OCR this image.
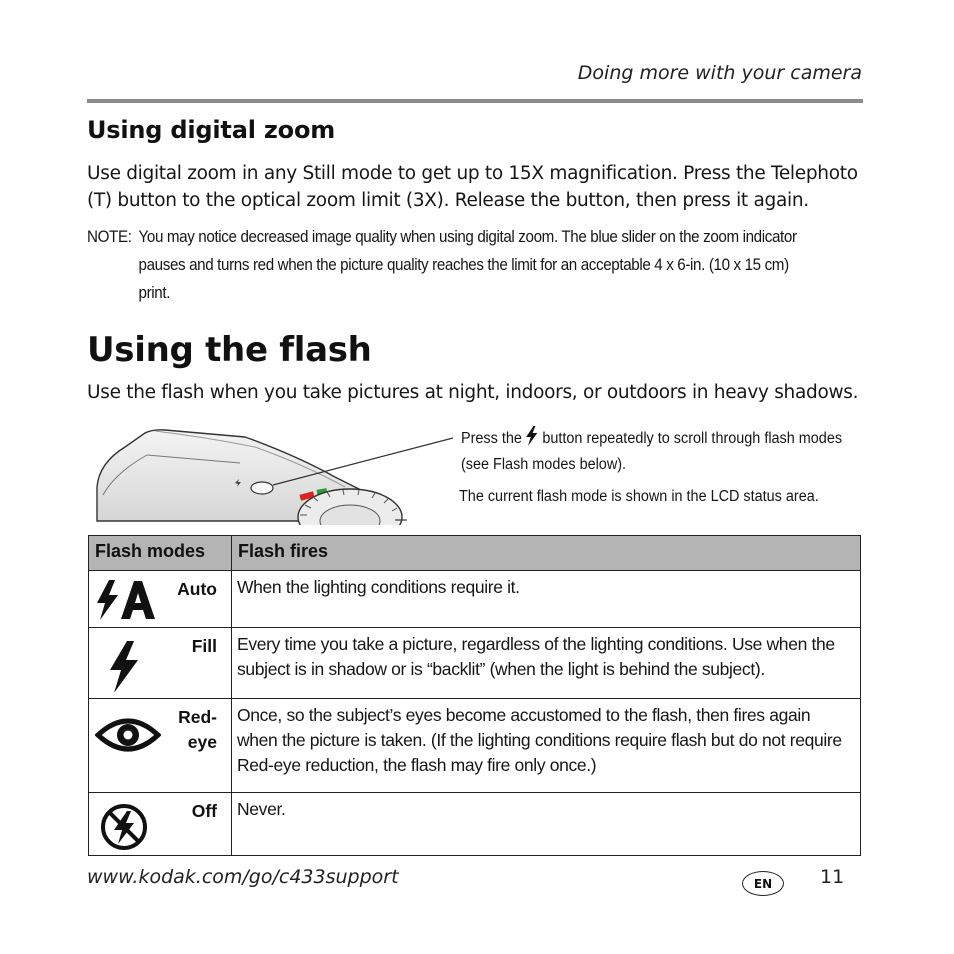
Doing more with your camera
Using digital zoom
Use digital zoom in any Still mode to get up to 15X magnification. Press the Telephoto (T) button to the optical zoom limit (3X). Release the button, then press it again.
NOTE: You may notice decreased image quality when using digital zoom. The blue slider on the zoom indicator pauses and turns red when the picture quality reaches the limit for an acceptable 4 x 6-in. (10 x 15 cm) print.
Using the flash
Use the flash when you take pictures at night, indoors, or outdoors in heavy shadows.
Press the button repeatedly to scroll through flash modes (see Flash modes below).
The current flash mode is shown in the LCD status area.
Flash modes	Flash fires

Auto	When the lighting conditions require it.

Fill	Every time you take a picture, regardless of the lighting conditions. Use when the subject is in shadow or is “backlit” (when the light is behind the subject).

Red-
eye	Once, so the subject’s eyes become accustomed to the flash, then fires again when the picture is taken. (If the lighting conditions require flash but do not require Red-eye reduction, the flash may fire only once.)

Off	Never.
www.kodak.com/go/c433support	EN	11
